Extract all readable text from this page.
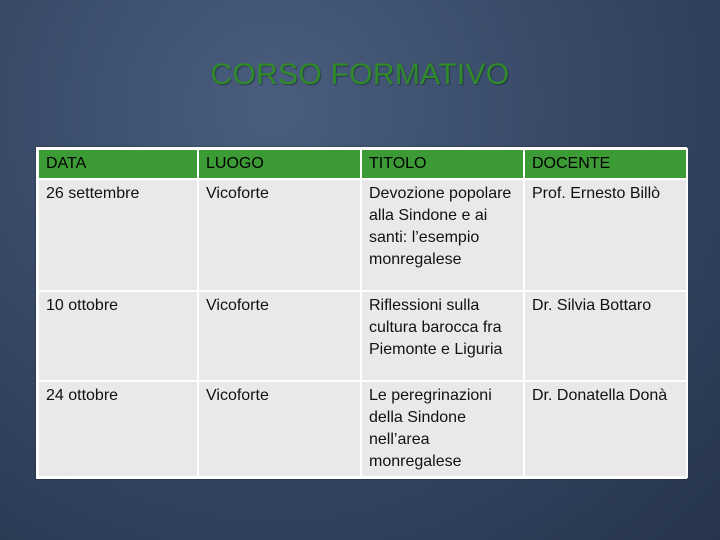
CORSO FORMATIVO
DATA	LUOGO	TITOLO	DOCENTE
26 settembre	Vicoforte	Devozione popolare alla Sindone e ai santi: l’esempio monregalese	Prof. Ernesto Billò
10 ottobre	Vicoforte	Riflessioni sulla cultura barocca fra Piemonte e Liguria	Dr. Silvia Bottaro
24 ottobre	Vicoforte	Le peregrinazioni della Sindone nell’area monregalese	Dr. Donatella Donà
